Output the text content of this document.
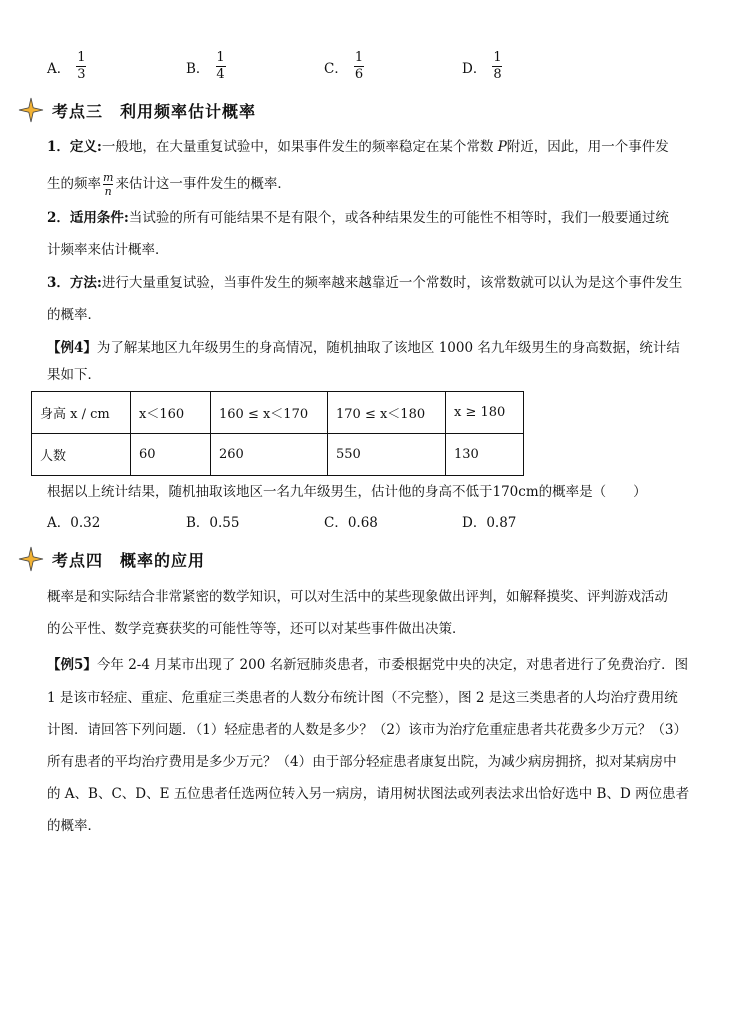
A． $\frac{1}{3}$	B． $\frac{1}{4}$	C． $\frac{1}{6}$	D． $\frac{1}{8}$
考点三　利用频率估计概率
1．定义:一般地，在大量重复试验中，如果事件发生的频率稳定在某个常数 P附近，因此，用一个事件发
生的频率 $\frac{m}{n}$ 来估计这一事件发生的概率．
2．适用条件:当试验的所有可能结果不是有限个，或各种结果发生的可能性不相等时，我们一般要通过统
计频率来估计概率．
3．方法:进行大量重复试验，当事件发生的频率越来越靠近一个常数时，该常数就可以认为是这个事件发生
的概率．
【例4】为了解某地区九年级男生的身高情况，随机抽取了该地区 1000 名九年级男生的身高数据，统计结
果如下．
身高 x / cm	x＜160	160 ≤ x＜170	170 ≤ x＜180	x ≥ 180
人数	60	260	550	130
根据以上统计结果，随机抽取该地区一名九年级男生，估计他的身高不低于170cm的概率是（　　）
A．0.32	B．0.55	C．0.68	D．0.87
考点四　概率的应用
概率是和实际结合非常紧密的数学知识，可以对生活中的某些现象做出评判，如解释摸奖、评判游戏活动
的公平性、数学竞赛获奖的可能性等等，还可以对某些事件做出决策．
【例5】今年 2-4 月某市出现了 200 名新冠肺炎患者，市委根据党中央的决定，对患者进行了免费治疗．图
1 是该市轻症、重症、危重症三类患者的人数分布统计图（不完整），图 2 是这三类患者的人均治疗费用统
计图．请回答下列问题．（1）轻症患者的人数是多少？（2）该市为治疗危重症患者共花费多少万元？（3）
所有患者的平均治疗费用是多少万元？（4）由于部分轻症患者康复出院，为减少病房拥挤，拟对某病房中
的 A、B、C、D、E 五位患者任选两位转入另一病房，请用树状图法或列表法求出恰好选中 B、D 两位患者
的概率．
